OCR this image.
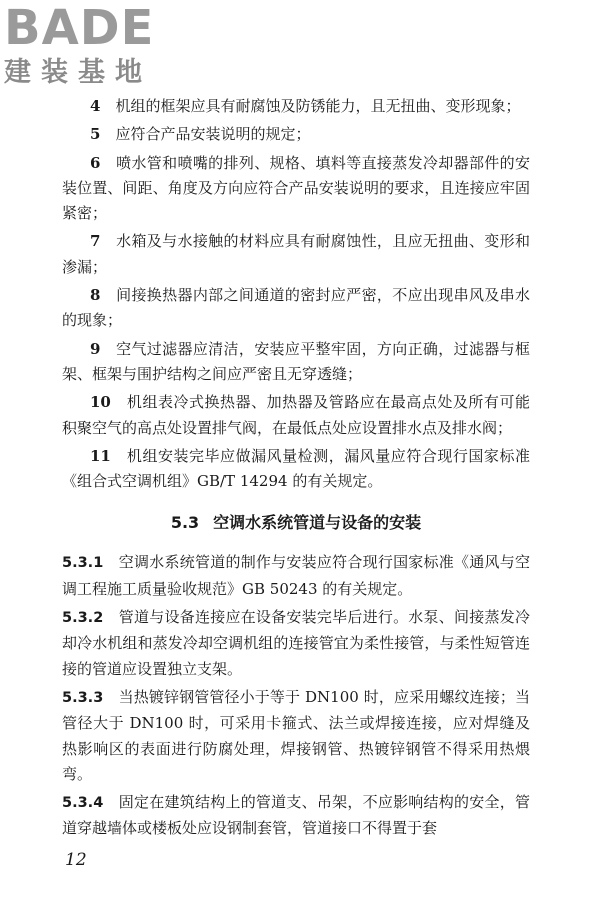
BADE
建装基地

4　 机组的框架应具有耐腐蚀及防锈能力，且无扭曲、变形现象；

5　 应符合产品安装说明的规定；

6　 喷水管和喷嘴的排列、规格、填料等直接蒸发冷却器部件的安装位置、间距、角度及方向应符合产品安装说明的要求，且连接应牢固紧密；

7　 水箱及与水接触的材料应具有耐腐蚀性，且应无扭曲、变形和渗漏；

8　 间接换热器内部之间通道的密封应严密，不应出现串风及串水的现象；

9　 空气过滤器应清洁，安装应平整牢固，方向正确，过滤器与框架、框架与围护结构之间应严密且无穿透缝；

10　 机组表冷式换热器、加热器及管路应在最高点处及所有可能积聚空气的高点处设置排气阀，在最低点处应设置排水点及排水阀；

11　 机组安装完毕应做漏风量检测，漏风量应符合现行国家标准《组合式空调机组》GB/T 14294 的有关规定。

5.3 空调水系统管道与设备的安装

5.3.1　 空调水系统管道的制作与安装应符合现行国家标准《通风与空调工程施工质量验收规范》GB 50243 的有关规定。

5.3.2　 管道与设备连接应在设备安装完毕后进行。水泵、间接蒸发冷却冷水机组和蒸发冷却空调机组的连接管宜为柔性接管，与柔性短管连接的管道应设置独立支架。

5.3.3　 当热镀锌钢管管径小于等于 DN100 时，应采用螺纹连接；当管径大于 DN100 时，可采用卡箍式、法兰或焊接连接，应对焊缝及热影响区的表面进行防腐处理，焊接钢管、热镀锌钢管不得采用热煨弯。

5.3.4　 固定在建筑结构上的管道支、吊架，不应影响结构的安全，管道穿越墙体或楼板处应设钢制套管，管道接口不得置于套

12
